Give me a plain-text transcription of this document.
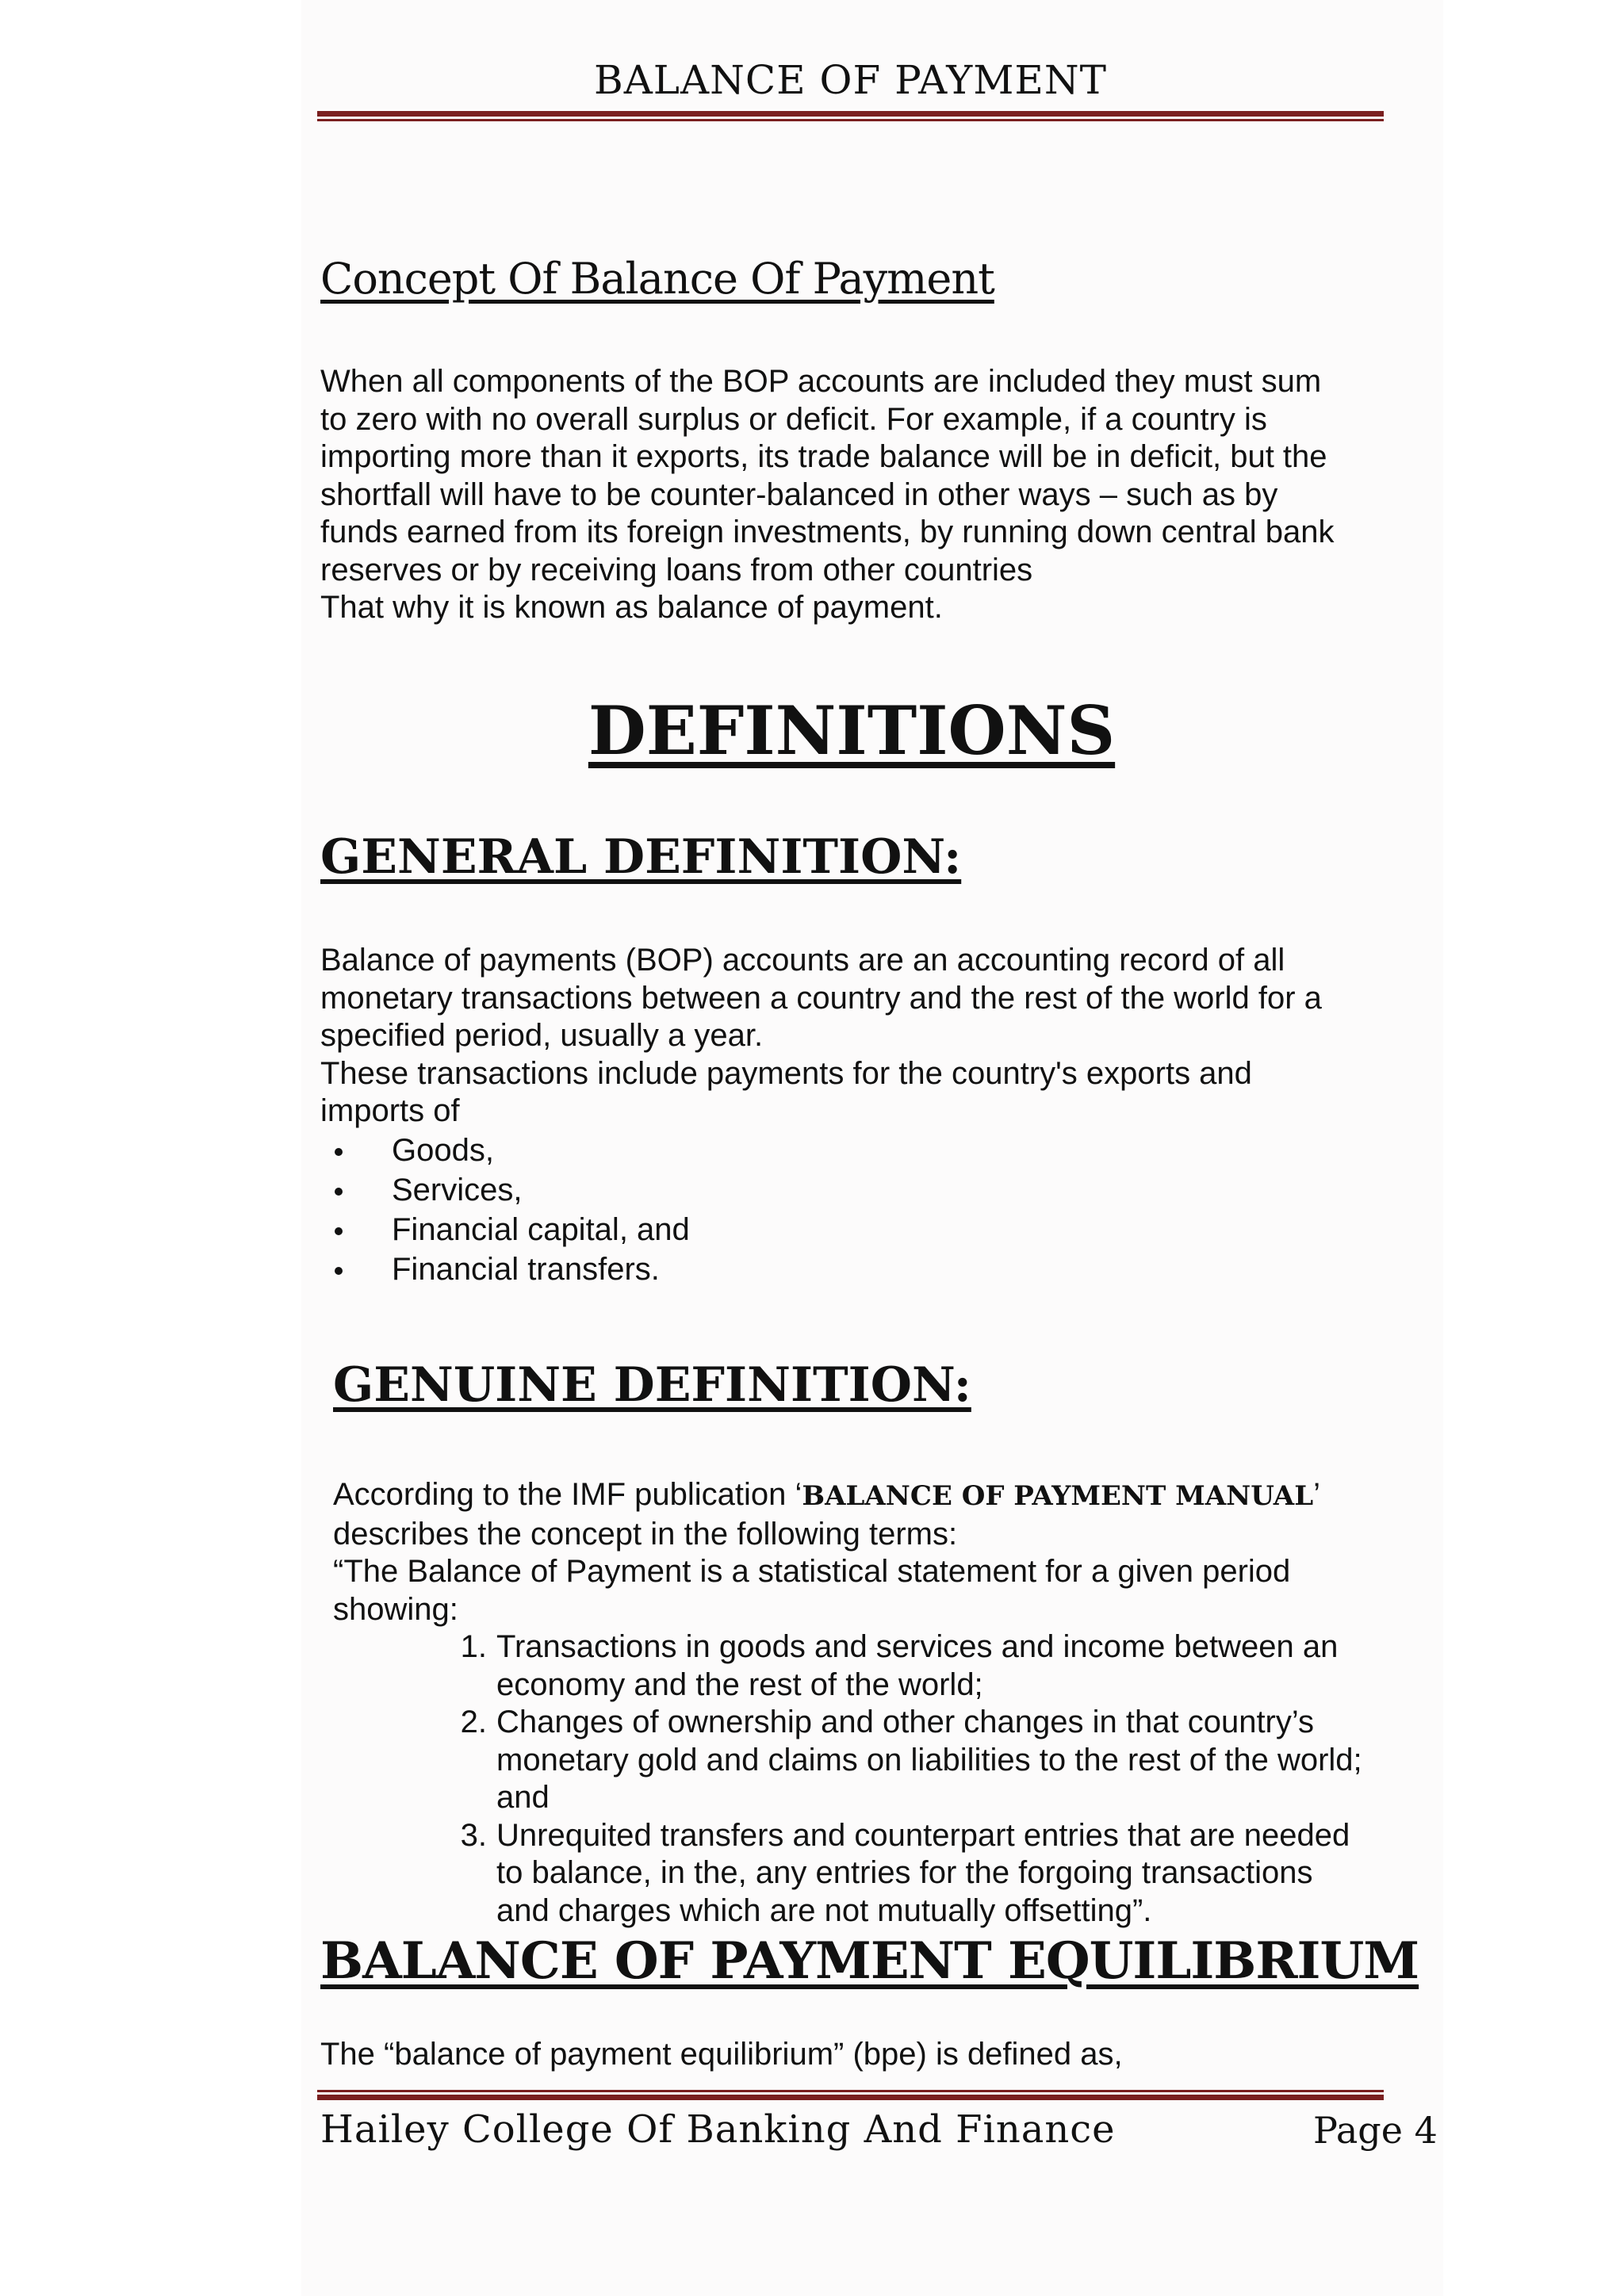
BALANCE OF PAYMENT
Concept Of Balance Of Payment

When all components of the BOP accounts are included they must sum

to zero with no overall surplus or deficit. For example, if a country is

importing more than it exports, its trade balance will be in deficit, but the

shortfall will have to be counter-balanced in other ways – such as by

funds earned from its foreign investments, by running down central bank

reserves or by receiving loans from other countries

That why it is known as balance of payment.

DEFINITIONS
GENERAL DEFINITION:

Balance of payments (BOP) accounts are an accounting record of all

monetary transactions between a country and the rest of the world for a

specified period, usually a year.

These transactions include payments for the country's exports and

imports of

Goods,
Services,
Financial capital, and
Financial transfers.
GENUINE DEFINITION:

According to the IMF publication ‘BALANCE OF PAYMENT MANUAL’

describes the concept in the following terms:

“The Balance of Payment is a statistical statement for a given period

showing:

1. Transactions in goods and services and income between an

economy and the rest of the world;

2. Changes of ownership and other changes in that country’s

monetary gold and claims on liabilities to the rest of the world;

and

3. Unrequited transfers and counterpart entries that are needed

to balance, in the, any entries for the forgoing transactions

and charges which are not mutually offsetting”.

BALANCE OF PAYMENT EQUILIBRIUM

The “balance of payment equilibrium” (bpe) is defined as,

Hailey College Of Banking And Finance	Page 4
